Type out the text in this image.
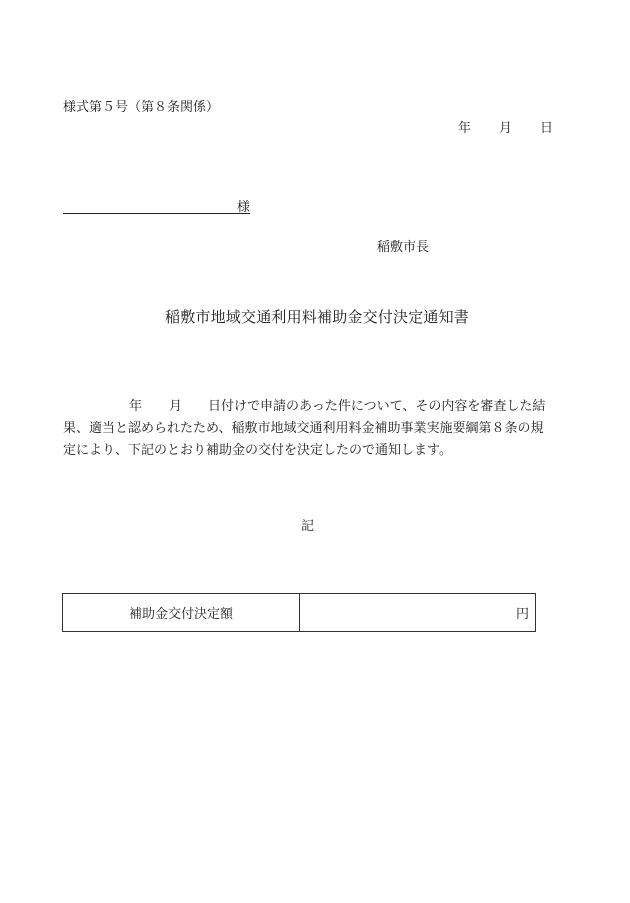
様式第５号（第８条関係）
年 月 日
様
稲敷市長
稲敷市地域交通利用料補助金交付決定通知書
年 月 日付けで申請のあった件について、その内容を審査した結
果、適当と認められたため、稲敷市地域交通利用料金補助事業実施要綱第８条の規
定により、下記のとおり補助金の交付を決定したので通知します。
記
補助金交付決定額	円
